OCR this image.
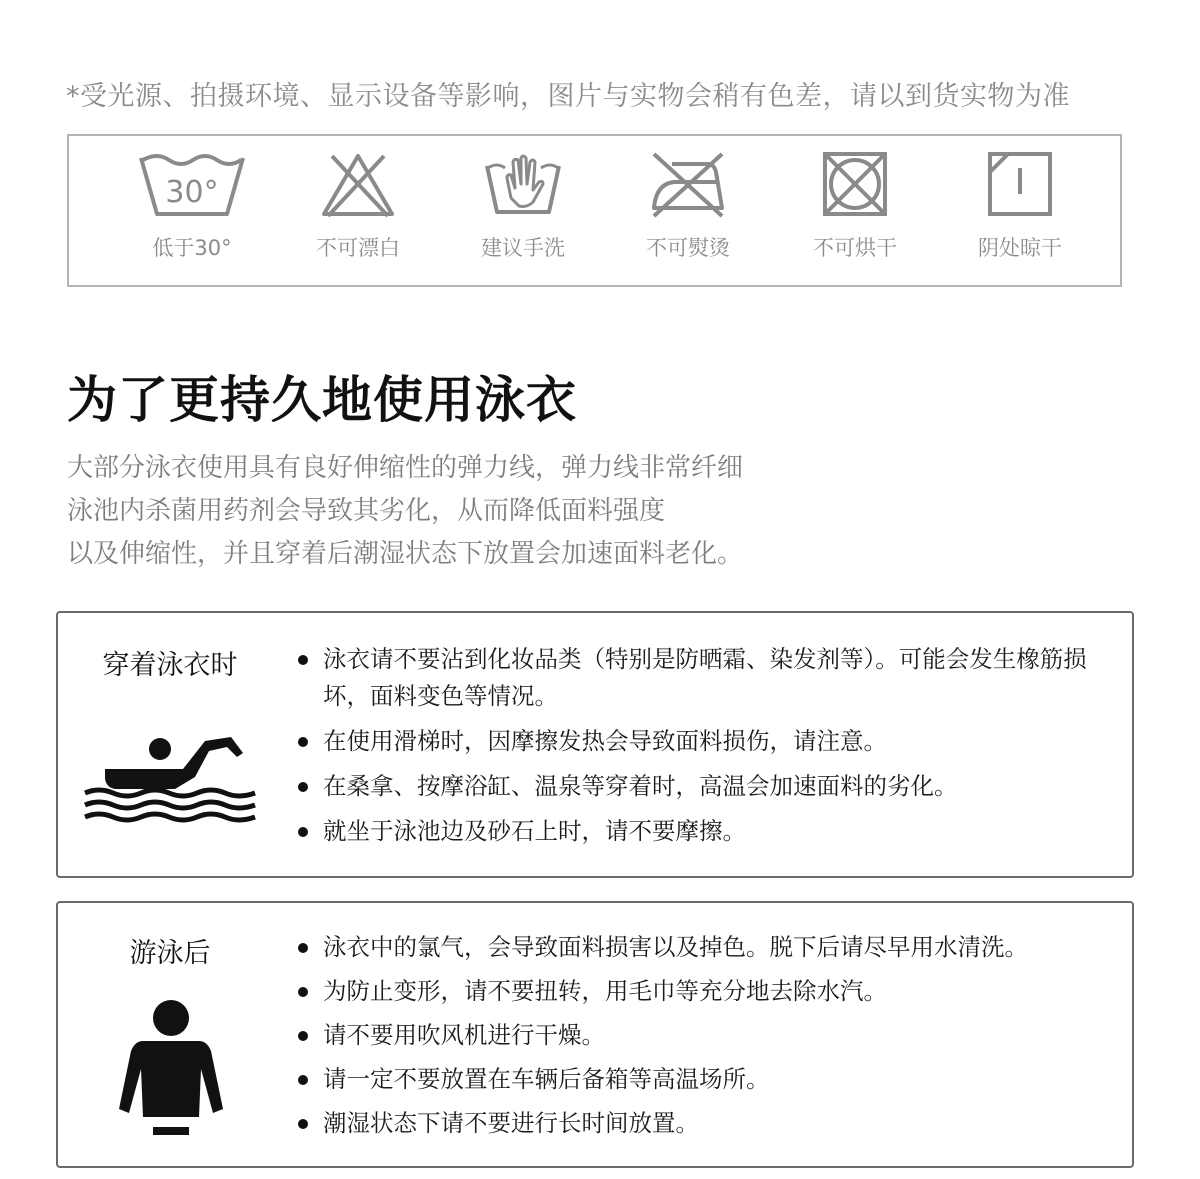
*受光源、拍摄环境、显示设备等影响，图片与实物会稍有色差，请以到货实物为准
30°
低于30°	不可漂白	建议手洗	不可熨烫	不可烘干	阴处晾干
为了更持久地使用泳衣
大部分泳衣使用具有良好伸缩性的弹力线，弹力线非常纤细
泳池内杀菌用药剂会导致其劣化，从而降低面料强度
以及伸缩性，并且穿着后潮湿状态下放置会加速面料老化。
穿着泳衣时	泳衣请不要沾到化妆品类（特别是防晒霜、染发剂等）。可能会发生橡筋损坏，面料变色等情况。
在使用滑梯时，因摩擦发热会导致面料损伤，请注意。
在桑拿、按摩浴缸、温泉等穿着时，高温会加速面料的劣化。
就坐于泳池边及砂石上时，请不要摩擦。
游泳后	泳衣中的氯气，会导致面料损害以及掉色。脱下后请尽早用水清洗。
为防止变形，请不要扭转，用毛巾等充分地去除水汽。
请不要用吹风机进行干燥。
请一定不要放置在车辆后备箱等高温场所。
潮湿状态下请不要进行长时间放置。
